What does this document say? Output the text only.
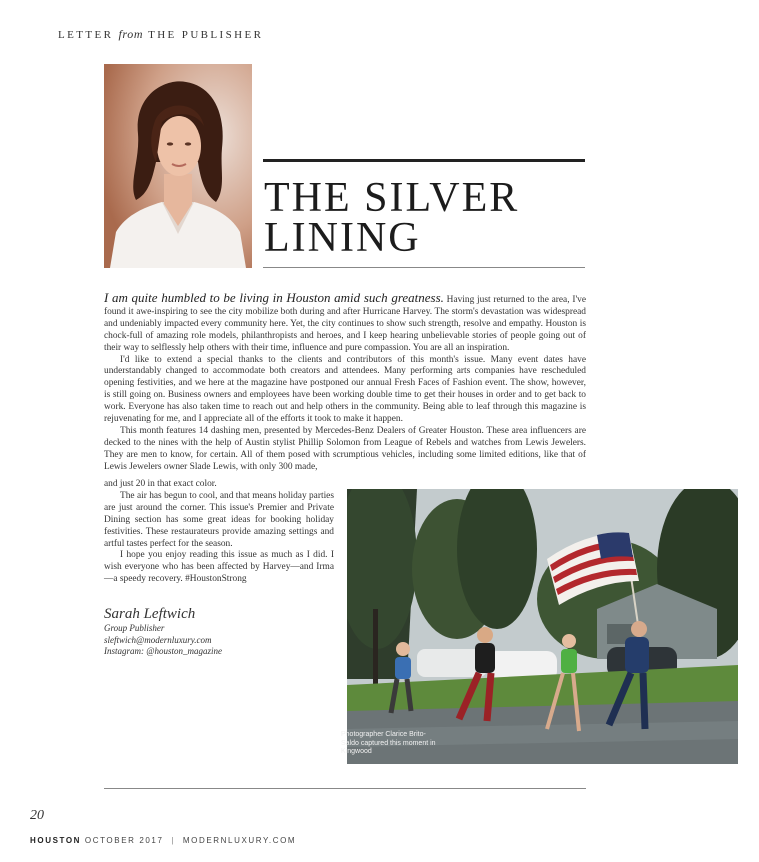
LETTER from THE PUBLISHER
THE SILVER
LINING

I am quite humbled to be living in Houston amid such greatness. Having just returned to the area, I've found it awe-inspiring to see the city mobilize both during and after Hurricane Harvey. The storm's devastation was widespread and undeniably impacted every community here. Yet, the city continues to show such strength, resolve and empathy. Houston is chock-full of amazing role models, philanthropists and heroes, and I keep hearing unbelievable stories of people going out of their way to selflessly help others with their time, influence and pure compassion. You are all an inspiration.

I'd like to extend a special thanks to the clients and contributors of this month's issue. Many event dates have understandably changed to accommodate both creators and attendees. Many performing arts companies have rescheduled opening festivities, and we here at the magazine have postponed our annual Fresh Faces of Fashion event. The show, however, is still going on. Business owners and employees have been working double time to get their houses in order and to get back to work. Everyone has also taken time to reach out and help others in the community. Being able to leaf through this magazine is rejuvenating for me, and I appreciate all of the efforts it took to make it happen.

This month features 14 dashing men, presented by Mercedes-Benz Dealers of Greater Houston. These area influencers are decked to the nines with the help of Austin stylist Phillip Solomon from League of Rebels and watches from Lewis Jewelers. They are men to know, for certain. All of them posed with scrumptious vehicles, including some limited editions, like that of Lewis Jewelers owner Slade Lewis, with only 300 made,

and just 20 in that exact color.

The air has begun to cool, and that means holiday parties are just around the corner. This issue's Premier and Private Dining section has some great ideas for booking holiday festivities. These restaurateurs provide amazing settings and artful tastes perfect for the season.

I hope you enjoy reading this issue as much as I did. I wish everyone who has been affected by Harvey—and Irma—a speedy recovery. #HoustonStrong

Sarah Leftwich
Group Publisher
sleftwich@modernluxury.com
Instagram: @houston_magazine
Photographer Clarice Brito-Saldo captured this moment in Kingwood
20
HOUSTON OCTOBER 2017 | MODERNLUXURY.COM
